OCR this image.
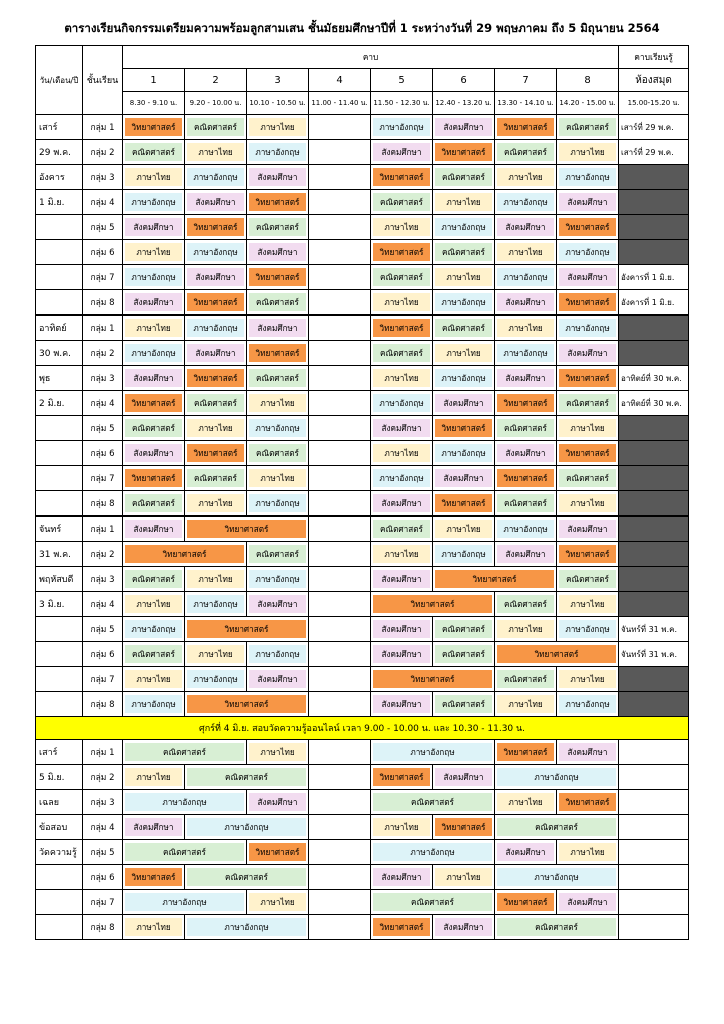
ตารางเรียนกิจกรรมเตรียมความพร้อมลูกสามเสน ชั้นมัธยมศึกษาปีที่ 1 ระหว่างวันที่ 29 พฤษภาคม ถึง 5 มิถุนายน 2564
วัน/เดือน/ปี	ชั้นเรียน	คาบ								คาบเรียนรู้
		1	2	3	4	5	6	7	8	ห้องสมุด
		8.30 - 9.10 น.	9.20 - 10.00 น.	10.10 - 10.50 น.	11.00 - 11.40 น.	11.50 - 12.30 น.	12.40 - 13.20 น.	13.30 - 14.10 น.	14.20 - 15.00 น.	15.00-15.20 น.
เสาร์	กลุ่ม 1	วิทยาศาสตร์	คณิตศาสตร์	ภาษาไทย		ภาษาอังกฤษ	สังคมศึกษา	วิทยาศาสตร์	คณิตศาสตร์	เสาร์ที่ 29 พ.ค.
29 พ.ค.	กลุ่ม 2	คณิตศาสตร์	ภาษาไทย	ภาษาอังกฤษ		สังคมศึกษา	วิทยาศาสตร์	คณิตศาสตร์	ภาษาไทย	เสาร์ที่ 29 พ.ค.
อังคาร	กลุ่ม 3	ภาษาไทย	ภาษาอังกฤษ	สังคมศึกษา		วิทยาศาสตร์	คณิตศาสตร์	ภาษาไทย	ภาษาอังกฤษ	

1 มิ.ย.	กลุ่ม 4	ภาษาอังกฤษ	สังคมศึกษา	วิทยาศาสตร์		คณิตศาสตร์	ภาษาไทย	ภาษาอังกฤษ	สังคมศึกษา	

	กลุ่ม 5	สังคมศึกษา	วิทยาศาสตร์	คณิตศาสตร์		ภาษาไทย	ภาษาอังกฤษ	สังคมศึกษา	วิทยาศาสตร์	

	กลุ่ม 6	ภาษาไทย	ภาษาอังกฤษ	สังคมศึกษา		วิทยาศาสตร์	คณิตศาสตร์	ภาษาไทย	ภาษาอังกฤษ	

	กลุ่ม 7	ภาษาอังกฤษ	สังคมศึกษา	วิทยาศาสตร์		คณิตศาสตร์	ภาษาไทย	ภาษาอังกฤษ	สังคมศึกษา	อังคารที่ 1 มิ.ย.
	กลุ่ม 8	สังคมศึกษา	วิทยาศาสตร์	คณิตศาสตร์		ภาษาไทย	ภาษาอังกฤษ	สังคมศึกษา	วิทยาศาสตร์	อังคารที่ 1 มิ.ย.
อาทิตย์	กลุ่ม 1	ภาษาไทย	ภาษาอังกฤษ	สังคมศึกษา		วิทยาศาสตร์	คณิตศาสตร์	ภาษาไทย	ภาษาอังกฤษ	

30 พ.ค.	กลุ่ม 2	ภาษาอังกฤษ	สังคมศึกษา	วิทยาศาสตร์		คณิตศาสตร์	ภาษาไทย	ภาษาอังกฤษ	สังคมศึกษา	

พุธ	กลุ่ม 3	สังคมศึกษา	วิทยาศาสตร์	คณิตศาสตร์		ภาษาไทย	ภาษาอังกฤษ	สังคมศึกษา	วิทยาศาสตร์	อาทิตย์ที่ 30 พ.ค.
2 มิ.ย.	กลุ่ม 4	วิทยาศาสตร์	คณิตศาสตร์	ภาษาไทย		ภาษาอังกฤษ	สังคมศึกษา	วิทยาศาสตร์	คณิตศาสตร์	อาทิตย์ที่ 30 พ.ค.
	กลุ่ม 5	คณิตศาสตร์	ภาษาไทย	ภาษาอังกฤษ		สังคมศึกษา	วิทยาศาสตร์	คณิตศาสตร์	ภาษาไทย	

	กลุ่ม 6	สังคมศึกษา	วิทยาศาสตร์	คณิตศาสตร์		ภาษาไทย	ภาษาอังกฤษ	สังคมศึกษา	วิทยาศาสตร์	

	กลุ่ม 7	วิทยาศาสตร์	คณิตศาสตร์	ภาษาไทย		ภาษาอังกฤษ	สังคมศึกษา	วิทยาศาสตร์	คณิตศาสตร์	

	กลุ่ม 8	คณิตศาสตร์	ภาษาไทย	ภาษาอังกฤษ		สังคมศึกษา	วิทยาศาสตร์	คณิตศาสตร์	ภาษาไทย	

จันทร์	กลุ่ม 1	สังคมศึกษา	วิทยาศาสตร์			คณิตศาสตร์	ภาษาไทย	ภาษาอังกฤษ	สังคมศึกษา	

31 พ.ค.	กลุ่ม 2	วิทยาศาสตร์		คณิตศาสตร์		ภาษาไทย	ภาษาอังกฤษ	สังคมศึกษา	วิทยาศาสตร์	

พฤหัสบดี	กลุ่ม 3	คณิตศาสตร์	ภาษาไทย	ภาษาอังกฤษ		สังคมศึกษา	วิทยาศาสตร์		คณิตศาสตร์	

3 มิ.ย.	กลุ่ม 4	ภาษาไทย	ภาษาอังกฤษ	สังคมศึกษา		วิทยาศาสตร์		คณิตศาสตร์	ภาษาไทย	

	กลุ่ม 5	ภาษาอังกฤษ	วิทยาศาสตร์			สังคมศึกษา	คณิตศาสตร์	ภาษาไทย	ภาษาอังกฤษ	จันทร์ที่ 31 พ.ค.
	กลุ่ม 6	คณิตศาสตร์	ภาษาไทย	ภาษาอังกฤษ		สังคมศึกษา	คณิตศาสตร์	วิทยาศาสตร์		จันทร์ที่ 31 พ.ค.
	กลุ่ม 7	ภาษาไทย	ภาษาอังกฤษ	สังคมศึกษา		วิทยาศาสตร์		คณิตศาสตร์	ภาษาไทย	

	กลุ่ม 8	ภาษาอังกฤษ	วิทยาศาสตร์			สังคมศึกษา	คณิตศาสตร์	ภาษาไทย	ภาษาอังกฤษ	

ศุกร์ที่ 4 มิ.ย. สอบวัดความรู้ออนไลน์ เวลา 9.00 - 10.00 น. และ 10.30 - 11.30 น.										
เสาร์	กลุ่ม 1	คณิตศาสตร์		ภาษาไทย		ภาษาอังกฤษ		วิทยาศาสตร์	สังคมศึกษา	

5 มิ.ย.	กลุ่ม 2	ภาษาไทย	คณิตศาสตร์			วิทยาศาสตร์	สังคมศึกษา	ภาษาอังกฤษ		

เฉลย	กลุ่ม 3	ภาษาอังกฤษ		สังคมศึกษา		คณิตศาสตร์		ภาษาไทย	วิทยาศาสตร์	

ข้อสอบ	กลุ่ม 4	สังคมศึกษา	ภาษาอังกฤษ			ภาษาไทย	วิทยาศาสตร์	คณิตศาสตร์		

วัดความรู้	กลุ่ม 5	คณิตศาสตร์		วิทยาศาสตร์		ภาษาอังกฤษ		สังคมศึกษา	ภาษาไทย	

	กลุ่ม 6	วิทยาศาสตร์	คณิตศาสตร์			สังคมศึกษา	ภาษาไทย	ภาษาอังกฤษ		

	กลุ่ม 7	ภาษาอังกฤษ		ภาษาไทย		คณิตศาสตร์		วิทยาศาสตร์	สังคมศึกษา	

	กลุ่ม 8	ภาษาไทย	ภาษาอังกฤษ			วิทยาศาสตร์	สังคมศึกษา	คณิตศาสตร์		
